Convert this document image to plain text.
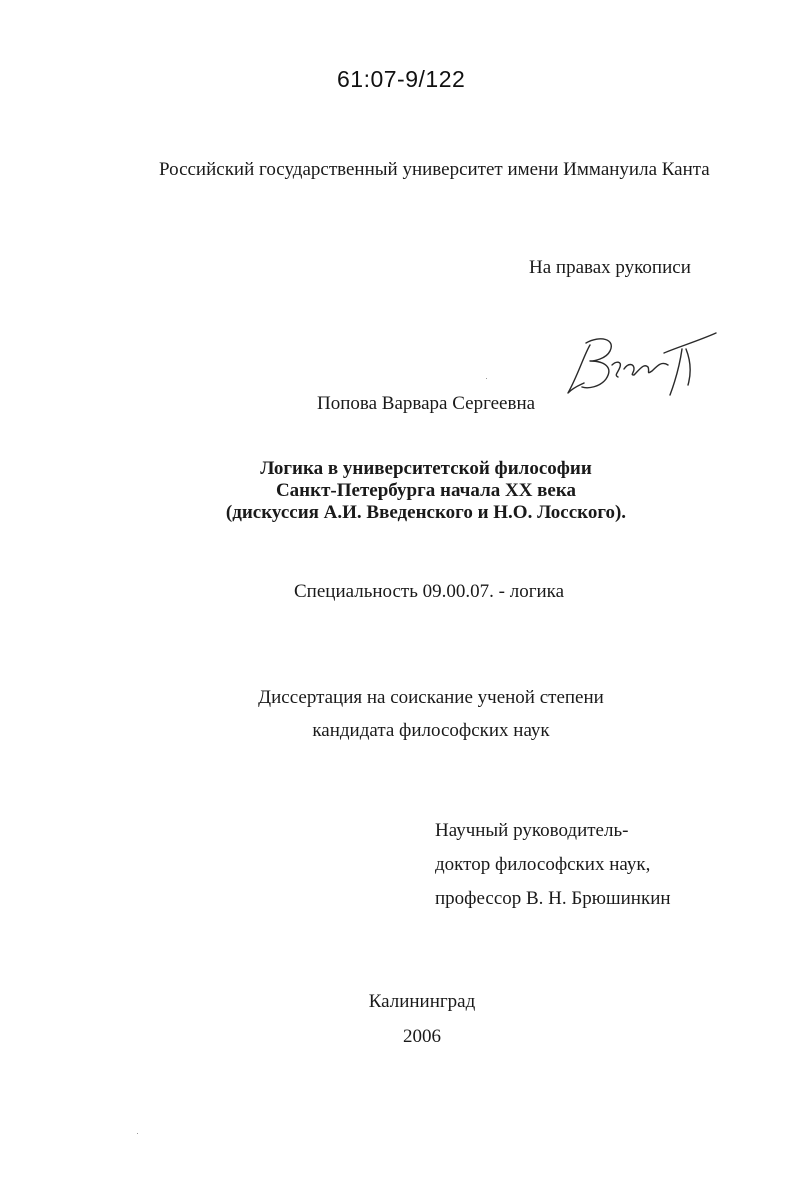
61:07-9/122
Российский государственный университет имени Иммануила Канта
На правах рукописи
Попова Варвара Сергеевна
Логика в университетской философии
Санкт-Петербурга начала XX века
(дискуссия А.И. Введенского и Н.О. Лосского).
Специальность 09.00.07. - логика
Диссертация на соискание ученой степени
кандидата философских наук
Научный руководитель-
доктор философских наук,
профессор В. Н. Брюшинкин
Калининград
2006
